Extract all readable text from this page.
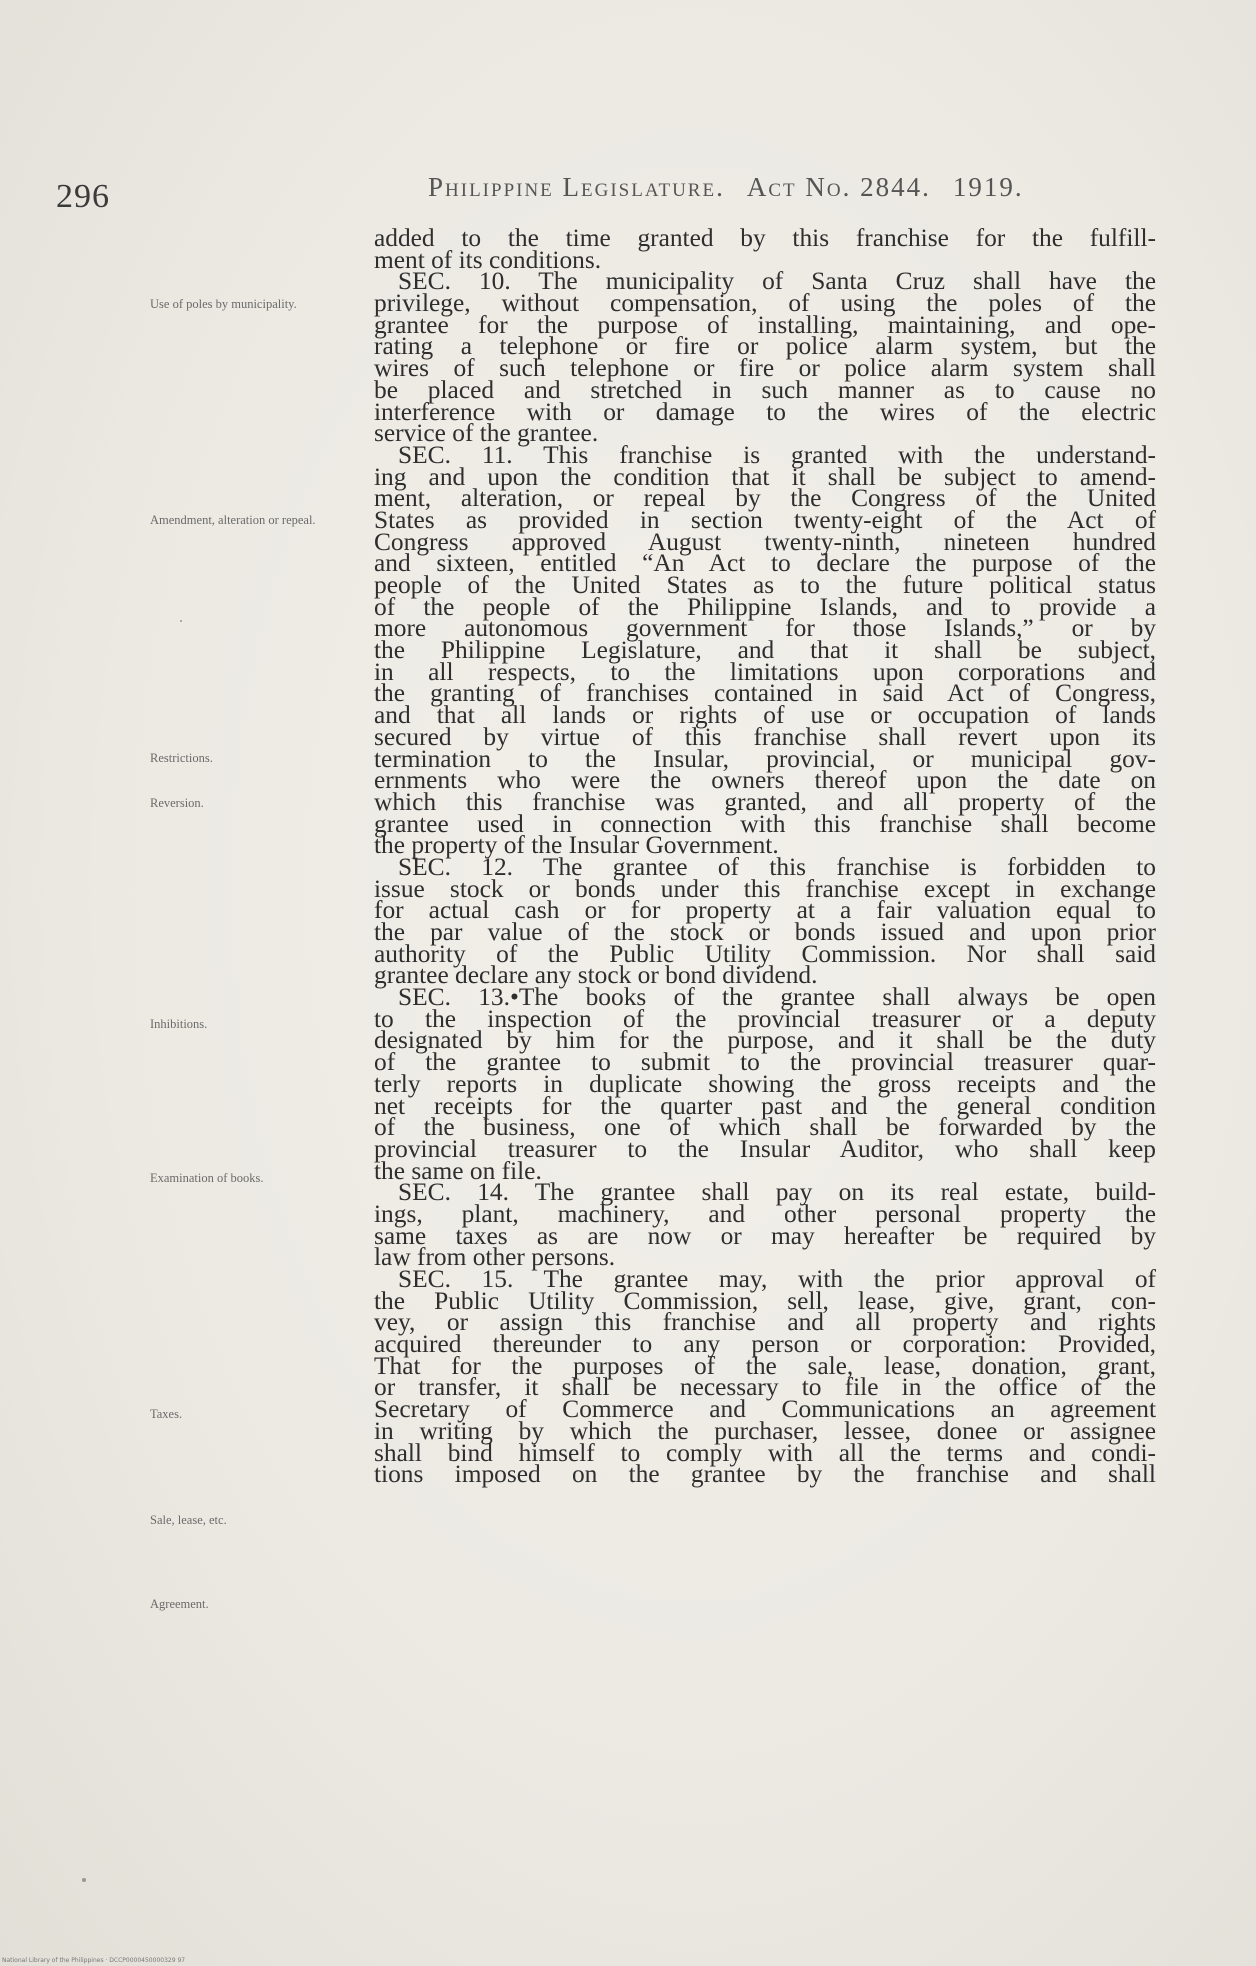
296	Philippine Legislature. Act No. 2844. 1919.
Use of poles by municipality.
Amendment, alteration or repeal.
Restrictions.
Reversion.
Inhibitions.
Examination of books.
Taxes.
Sale, lease, etc.
Agreement.
added to the time granted by this franchise for the fulfill-
ment of its conditions.
SEC. 10. The municipality of Santa Cruz shall have the
privilege, without compensation, of using the poles of the
grantee for the purpose of installing, maintaining, and ope-
rating a telephone or fire or police alarm system, but the
wires of such telephone or fire or police alarm system shall
be placed and stretched in such manner as to cause no
interference with or damage to the wires of the electric
service of the grantee.
SEC. 11. This franchise is granted with the understand-
ing and upon the condition that it shall be subject to amend-
ment, alteration, or repeal by the Congress of the United
States as provided in section twenty-eight of the Act of
Congress approved August twenty-ninth, nineteen hundred
and sixteen, entitled “An Act to declare the purpose of the
people of the United States as to the future political status
of the people of the Philippine Islands, and to provide a
more autonomous government for those Islands,” or by
the Philippine Legislature, and that it shall be subject,
in all respects, to the limitations upon corporations and
the granting of franchises contained in said Act of Congress,
and that all lands or rights of use or occupation of lands
secured by virtue of this franchise shall revert upon its
termination to the Insular, provincial, or municipal gov-
ernments who were the owners thereof upon the date on
which this franchise was granted, and all property of the
grantee used in connection with this franchise shall become
the property of the Insular Government.
SEC. 12. The grantee of this franchise is forbidden to
issue stock or bonds under this franchise except in exchange
for actual cash or for property at a fair valuation equal to
the par value of the stock or bonds issued and upon prior
authority of the Public Utility Commission. Nor shall said
grantee declare any stock or bond dividend.
SEC. 13.•The books of the grantee shall always be open
to the inspection of the provincial treasurer or a deputy
designated by him for the purpose, and it shall be the duty
of the grantee to submit to the provincial treasurer quar-
terly reports in duplicate showing the gross receipts and the
net receipts for the quarter past and the general condition
of the business, one of which shall be forwarded by the
provincial treasurer to the Insular Auditor, who shall keep
the same on file.
SEC. 14. The grantee shall pay on its real estate, build-
ings, plant, machinery, and other personal property the
same taxes as are now or may hereafter be required by
law from other persons.
SEC. 15. The grantee may, with the prior approval of
the Public Utility Commission, sell, lease, give, grant, con-
vey, or assign this franchise and all property and rights
acquired thereunder to any person or corporation: Provided,
That for the purposes of the sale, lease, donation, grant,
or transfer, it shall be necessary to file in the office of the
Secretary of Commerce and Communications an agreement
in writing by which the purchaser, lessee, donee or assignee
shall bind himself to comply with all the terms and condi-
tions imposed on the grantee by the franchise and shall
National Library of the Philippines · DCCP0000450000329 97
